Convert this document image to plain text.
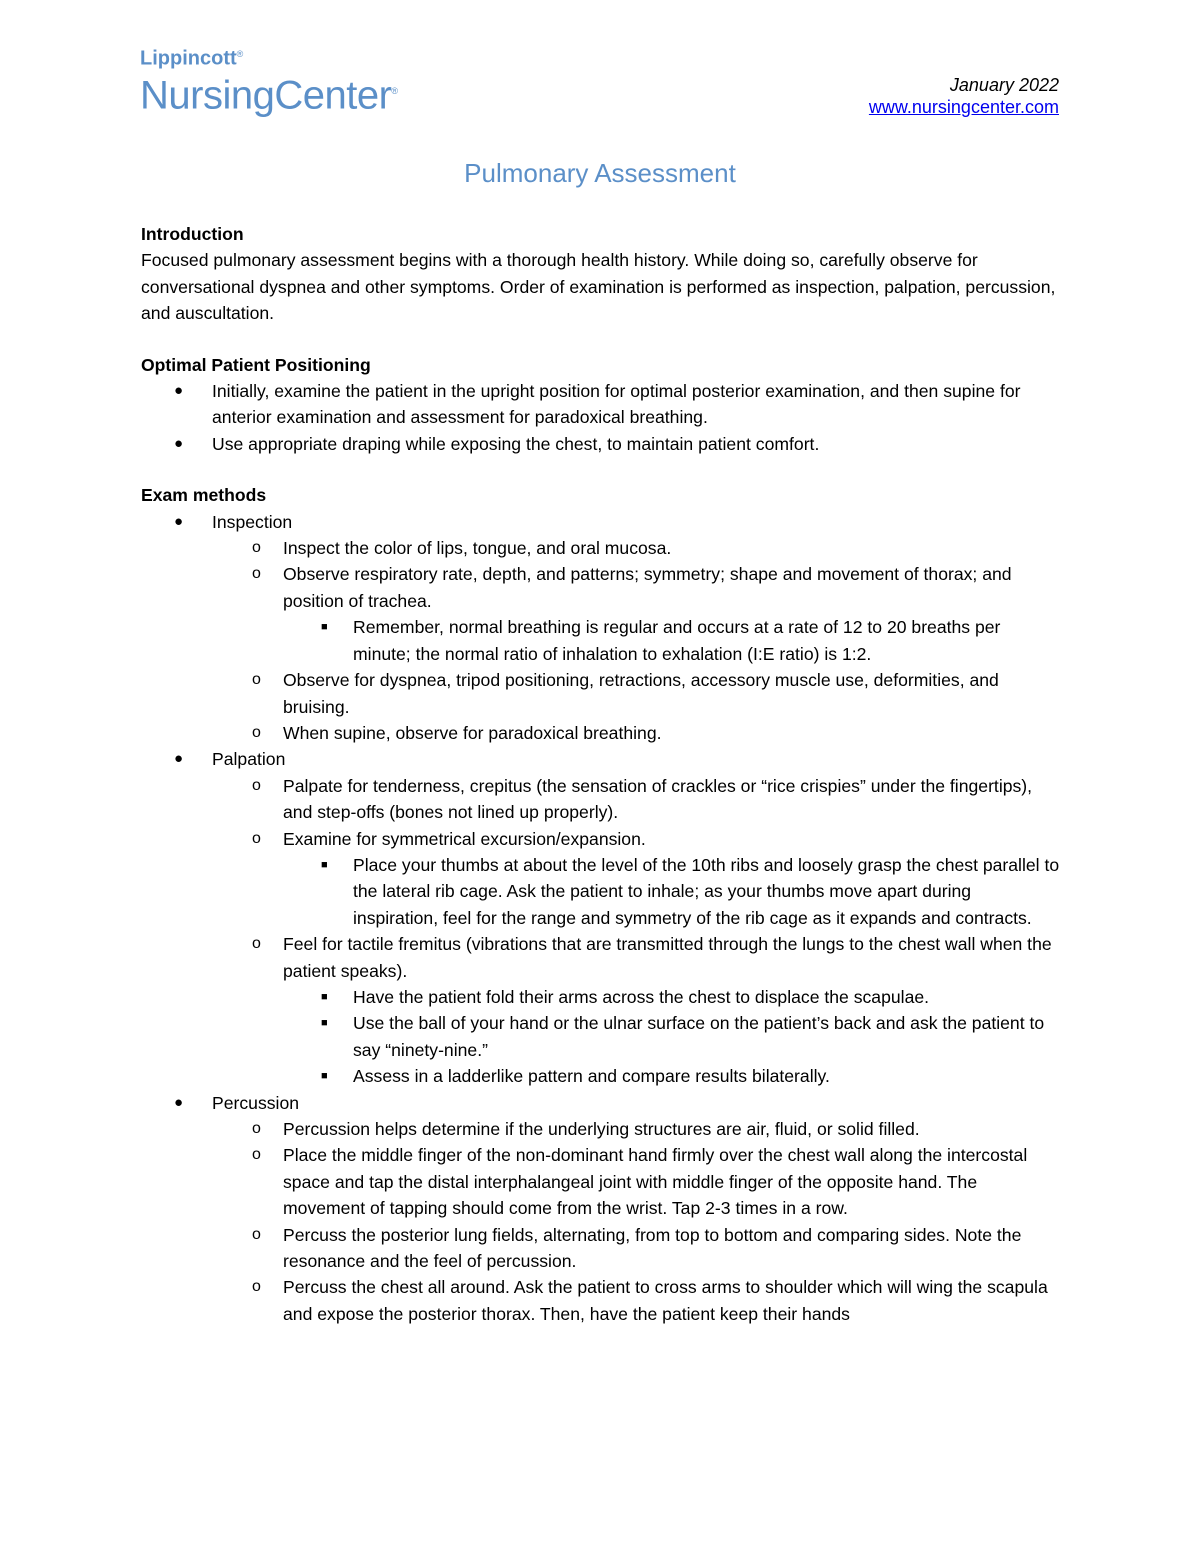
Lippincott®
NursingCenter®	January 2022
www.nursingcenter.com
Pulmonary Assessment
Introduction

Focused pulmonary assessment begins with a thorough health history. While doing so, carefully observe for conversational dyspnea and other symptoms. Order of examination is performed as inspection, palpation, percussion, and auscultation.

Optimal Patient Positioning
● Initially, examine the patient in the upright position for optimal posterior examination, and then supine for anterior examination and assessment for paradoxical breathing.
● Use appropriate draping while exposing the chest, to maintain patient comfort.
Exam methods
● Inspection
o Inspect the color of lips, tongue, and oral mucosa.
o Observe respiratory rate, depth, and patterns; symmetry; shape and movement of thorax; and position of trachea.
■ Remember, normal breathing is regular and occurs at a rate of 12 to 20 breaths per minute; the normal ratio of inhalation to exhalation (I:E ratio) is 1:2.
o Observe for dyspnea, tripod positioning, retractions, accessory muscle use, deformities, and bruising.
o When supine, observe for paradoxical breathing.
● Palpation
o Palpate for tenderness, crepitus (the sensation of crackles or “rice crispies” under the fingertips), and step-offs (bones not lined up properly).
o Examine for symmetrical excursion/expansion.
■ Place your thumbs at about the level of the 10th ribs and loosely grasp the chest parallel to the lateral rib cage. Ask the patient to inhale; as your thumbs move apart during inspiration, feel for the range and symmetry of the rib cage as it expands and contracts.
o Feel for tactile fremitus (vibrations that are transmitted through the lungs to the chest wall when the patient speaks).
■ Have the patient fold their arms across the chest to displace the scapulae.
■ Use the ball of your hand or the ulnar surface on the patient’s back and ask the patient to say “ninety-nine.”
■ Assess in a ladderlike pattern and compare results bilaterally.
● Percussion
o Percussion helps determine if the underlying structures are air, fluid, or solid filled.
o Place the middle finger of the non-dominant hand firmly over the chest wall along the intercostal space and tap the distal interphalangeal joint with middle finger of the opposite hand. The movement of tapping should come from the wrist. Tap 2-3 times in a row.
o Percuss the posterior lung fields, alternating, from top to bottom and comparing sides. Note the resonance and the feel of percussion.
o Percuss the chest all around. Ask the patient to cross arms to shoulder which will wing the scapula and expose the posterior thorax. Then, have the patient keep their hands
